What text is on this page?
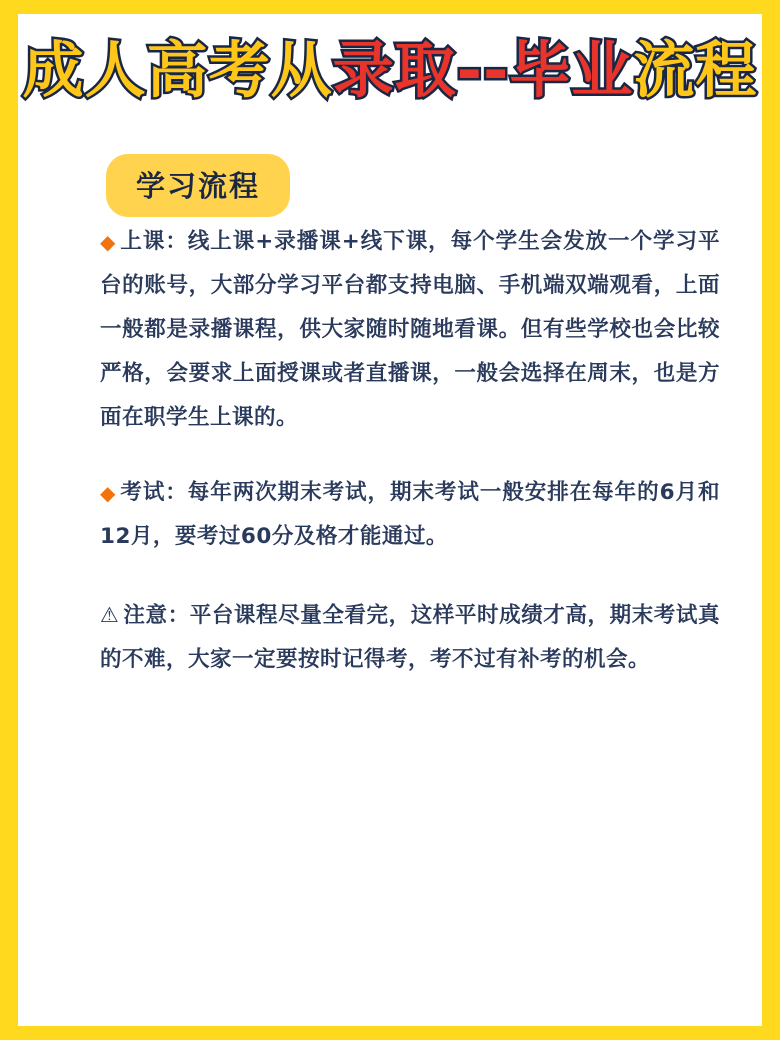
成人高考从录取--毕业流程
学习流程

◆ 上课：线上课+录播课+线下课，每个学生会发放一个学习平台的账号，大部分学习平台都支持电脑、手机端双端观看，上面一般都是录播课程，供大家随时随地看课。但有些学校也会比较严格，会要求上面授课或者直播课，一般会选择在周末，也是方面在职学生上课的。

◆ 考试：每年两次期末考试，期末考试一般安排在每年的6月和12月，要考过60分及格才能通过。

⚠ 注意：平台课程尽量全看完，这样平时成绩才高，期末考试真的不难，大家一定要按时记得考，考不过有补考的机会。
